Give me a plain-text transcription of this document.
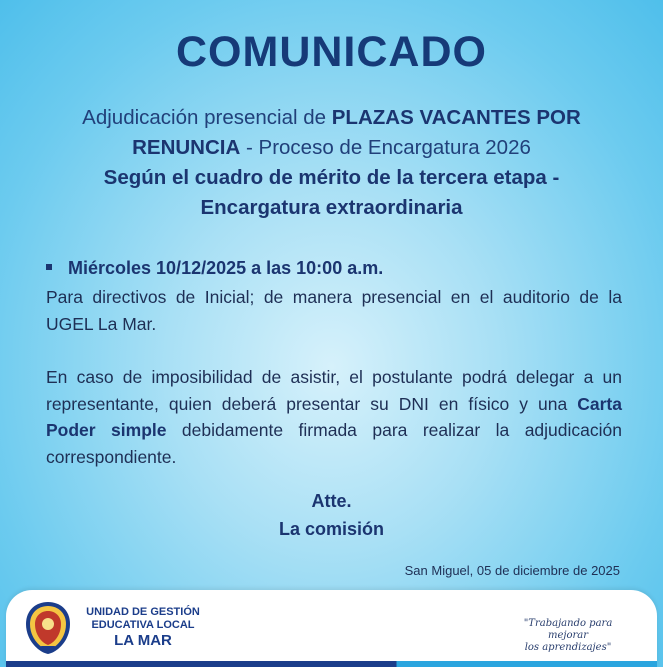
COMUNICADO
Adjudicación presencial de PLAZAS VACANTES POR
RENUNCIA - Proceso de Encargatura 2026
Según el cuadro de mérito de la tercera etapa -
Encargatura extraordinaria
Miércoles 10/12/2025 a las 10:00 a.m.
Para directivos de Inicial; de manera presencial en el auditorio de la UGEL La Mar.
En caso de imposibilidad de asistir, el postulante podrá delegar a un representante, quien deberá presentar su DNI en físico y una Carta Poder simple debidamente firmada para realizar la adjudicación correspondiente.
Atte.
La comisión
San Miguel, 05 de diciembre de 2025
UNIDAD DE GESTIÓN
EDUCATIVA LOCAL
LA MAR
"Trabajando para mejorar
los aprendizajes"
